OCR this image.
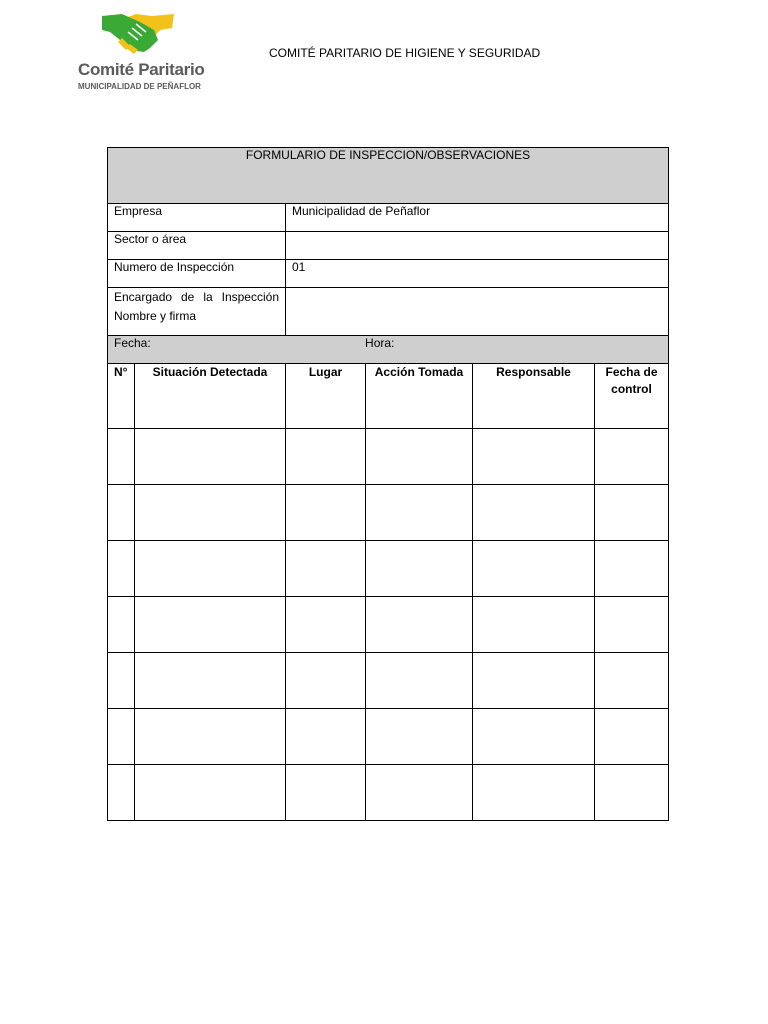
Comité Paritario
MUNICIPALIDAD DE PEÑAFLOR
COMITÉ PARITARIO DE HIGIENE Y SEGURIDAD
FORMULARIO DE INSPECCION/OBSERVACIONES					
Empresa		Municipalidad de Peñaflor			
Sector o área					
Numero de Inspección		01			

Encargado de la Inspección
Nombre y firma					

Fecha: Hora:					
N°	Situación Detectada	Lugar	Acción Tomada	Responsable	Fecha de control
